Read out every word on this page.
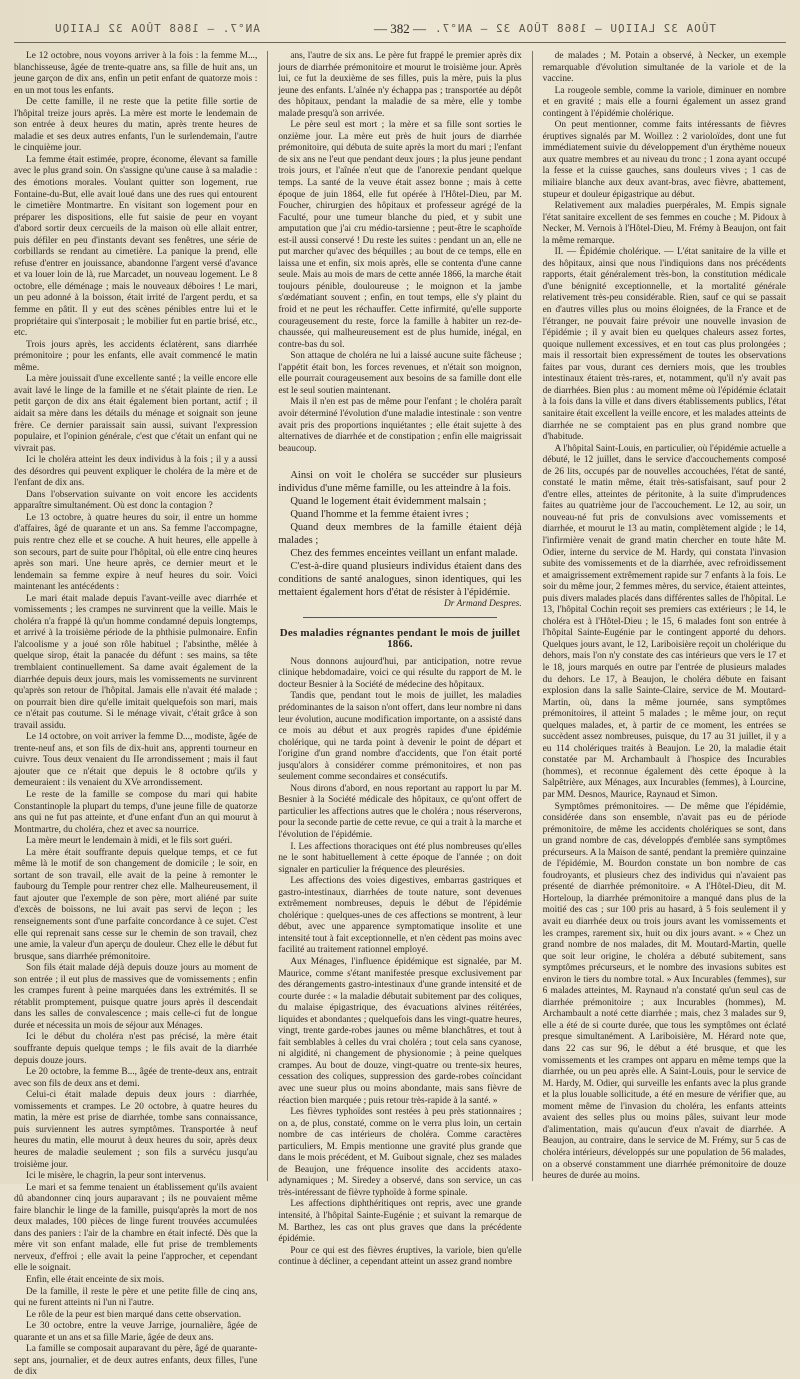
AN°7. — 1868 TÛOA 32 LAIIQU	— 382 — TÛOA 32 LAIIQU — 1868 TÛOA 32 — AN°7.

Le 12 octobre, nous voyons arriver à la fois : la femme M..., blanchisseuse, âgée de trente-quatre ans, sa fille de huit ans, un jeune garçon de dix ans, enfin un petit enfant de quatorze mois : en un mot tous les enfants.

De cette famille, il ne reste que la petite fille sortie de l'hôpital treize jours après. La mère est morte le lendemain de son entrée à deux heures du matin, après trente heures de maladie et ses deux autres enfants, l'un le surlendemain, l'autre le cinquième jour.

La femme était estimée, propre, économe, élevant sa famille avec le plus grand soin. On s'assigne qu'une cause à sa maladie : des émotions morales. Voulant quitter son logement, rue Fontaine-du-But, elle avait loué dans une des rues qui entourent le cimetière Montmartre. En visitant son logement pour en préparer les dispositions, elle fut saisie de peur en voyant d'abord sortir deux cercueils de la maison où elle allait entrer, puis défiler en peu d'instants devant ses fenêtres, une série de corbillards se rendant au cimetière. La panique la prend, elle refuse d'entrer en jouissance, abandonne l'argent versé d'avance et va louer loin de là, rue Marcadet, un nouveau logement. Le 8 octobre, elle déménage ; mais le nouveaux déboires ! Le mari, un peu adonné à la boisson, était irrité de l'argent perdu, et sa femme en pâtit. Il y eut des scènes pénibles entre lui et le propriétaire qui s'interposait ; le mobilier fut en partie brisé, etc., etc.

Trois jours après, les accidents éclatèrent, sans diarrhée prémonitoire ; pour les enfants, elle avait commencé le matin même.

La mère jouissait d'une excellente santé ; la veille encore elle avait lavé le linge de la famille et ne s'était plainte de rien. Le petit garçon de dix ans était également bien portant, actif ; il aidait sa mère dans les détails du ménage et soignait son jeune frère. Ce dernier paraissait sain aussi, suivant l'expression populaire, et l'opinion générale, c'est que c'était un enfant qui ne vivrait pas.

Ici le choléra atteint les deux individus à la fois ; il y a aussi des désordres qui peuvent expliquer le choléra de la mère et de l'enfant de dix ans.

Dans l'observation suivante on voit encore les accidents apparaître simultanément. Où est donc la contagion ?

Le 13 octobre, à quatre heures du soir, il entre un homme d'affaires, âgé de quarante et un ans. Sa femme l'accompagne, puis rentre chez elle et se couche. A huit heures, elle appelle à son secours, part de suite pour l'hôpital, où elle entre cinq heures après son mari. Une heure après, ce dernier meurt et le lendemain sa femme expire à neuf heures du soir. Voici maintenant les antécédents :

Le mari était malade depuis l'avant-veille avec diarrhée et vomissements ; les crampes ne survinrent que la veille. Mais le choléra n'a frappé là qu'un homme condamné depuis longtemps, et arrivé à la troisième période de la phthisie pulmonaire. Enfin l'alcoolisme y a joué son rôle habituel ; l'absinthe, mêlée à quelque sirop, était la panacée du défunt : ses mains, sa tête tremblaient continuellement. Sa dame avait également de la diarrhée depuis deux jours, mais les vomissements ne survinrent qu'après son retour de l'hôpital. Jamais elle n'avait été malade ; on pourrait bien dire qu'elle imitait quelquefois son mari, mais ce n'était pas coutume. Si le ménage vivait, c'était grâce à son travail assidu.

Le 14 octobre, on voit arriver la femme D..., modiste, âgée de trente-neuf ans, et son fils de dix-huit ans, apprenti tourneur en cuivre. Tous deux venaient du IIe arrondissement ; mais il faut ajouter que ce n'était que depuis le 8 octobre qu'ils y demeuraient : ils venaient du XVe arrondissement.

Le reste de la famille se compose du mari qui habite Constantinople la plupart du temps, d'une jeune fille de quatorze ans qui ne fut pas atteinte, et d'une enfant d'un an qui mourut à Montmartre, du choléra, chez et avec sa nourrice.

La mère meurt le lendemain à midi, et le fils sort guéri.

La mère était souffrante depuis quelque temps, et ce fut même là le motif de son changement de domicile ; le soir, en sortant de son travail, elle avait de la peine à remonter le faubourg du Temple pour rentrer chez elle. Malheureusement, il faut ajouter que l'exemple de son père, mort aliéné par suite d'excès de boissons, ne lui avait pas servi de leçon ; les renseignements sont d'une parfaite concordance à ce sujet. C'est elle qui reprenait sans cesse sur le chemin de son travail, chez une amie, la valeur d'un aperçu de douleur. Chez elle le début fut brusque, sans diarrhée prémonitoire.

Son fils était malade déjà depuis douze jours au moment de son entrée ; il eut plus de massives que de vomissements ; enfin les crampes furent à peine marquées dans les extrémités. Il se rétablit promptement, puisque quatre jours après il descendait dans les salles de convalescence ; mais celle-ci fut de longue durée et nécessita un mois de séjour aux Ménages.

Ici le début du choléra n'est pas précisé, la mère était souffrante depuis quelque temps ; le fils avait de la diarrhée depuis douze jours.

Le 20 octobre, la femme B..., âgée de trente-deux ans, entrait avec son fils de deux ans et demi.

Celui-ci était malade depuis deux jours : diarrhée, vomissements et crampes. Le 20 octobre, à quatre heures du matin, la mère est prise de diarrhée, tombe sans connaissance, puis surviennent les autres symptômes. Transportée à neuf heures du matin, elle mourut à deux heures du soir, après deux heures de maladie seulement ; son fils a survécu jusqu'au troisième jour.

Ici le misère, le chagrin, la peur sont intervenus.

Le mari et sa femme tenaient un établissement qu'ils avaient dû abandonner cinq jours auparavant ; ils ne pouvaient même faire blanchir le linge de la famille, puisqu'après la mort de nos deux malades, 100 pièces de linge furent trouvées accumulées dans des paniers : l'air de la chambre en était infecté. Dès que la mère vit son enfant malade, elle fut prise de tremblements nerveux, d'effroi ; elle avait la peine l'approcher, et cependant elle le soignait.

Enfin, elle était enceinte de six mois.

De la famille, il reste le père et une petite fille de cinq ans, qui ne furent atteints ni l'un ni l'autre.

Le rôle de la peur est bien marqué dans cette observation.

Le 30 octobre, entre la veuve Jarrige, journalière, âgée de quarante et un ans et sa fille Marie, âgée de deux ans.

La famille se composait auparavant du père, âgé de quarante-sept ans, journalier, et de deux autres enfants, deux filles, l'une de dix

ans, l'autre de six ans. Le père fut frappé le premier après dix jours de diarrhée prémonitoire et mourut le troisième jour. Après lui, ce fut la deuxième de ses filles, puis la mère, puis la plus jeune des enfants. L'aînée n'y échappa pas ; transportée au dépôt des hôpitaux, pendant la maladie de sa mère, elle y tombe malade presqu'à son arrivée.

Le père seul est mort ; la mère et sa fille sont sorties le onzième jour. La mère eut près de huit jours de diarrhée prémonitoire, qui débuta de suite après la mort du mari ; l'enfant de six ans ne l'eut que pendant deux jours ; la plus jeune pendant trois jours, et l'aînée n'eut que de l'anorexie pendant quelque temps. La santé de la veuve était assez bonne ; mais à cette époque de juin 1864, elle fut opérée à l'Hôtel-Dieu, par M. Foucher, chirurgien des hôpitaux et professeur agrégé de la Faculté, pour une tumeur blanche du pied, et y subit une amputation que j'ai cru médio-tarsienne ; peut-être le scaphoïde est-il aussi conservé ! Du reste les suites : pendant un an, elle ne put marcher qu'avec des béquilles ; au bout de ce temps, elle en laissa une et enfin, six mois après, elle se contenta d'une canne seule. Mais au mois de mars de cette année 1866, la marche était toujours pénible, douloureuse ; le moignon et la jambe s'œdématiant souvent ; enfin, en tout temps, elle s'y plaint du froid et ne peut les réchauffer. Cette infirmité, qu'elle supporte courageusement du reste, force la famille à habiter un rez-de-chaussée, qui malheureusement est de plus humide, inégal, en contre-bas du sol.

Son attaque de choléra ne lui a laissé aucune suite fâcheuse ; l'appétit était bon, les forces revenues, et n'était son moignon, elle pourrait courageusement aux besoins de sa famille dont elle est le seul soutien maintenant.

Mais il n'en est pas de même pour l'enfant ; le choléra paraît avoir déterminé l'évolution d'une maladie intestinale : son ventre avait pris des proportions inquiétantes ; elle était sujette à des alternatives de diarrhée et de constipation ; enfin elle maigrissait beaucoup.

Ainsi on voit le choléra se succéder sur plusieurs individus d'une même famille, ou les atteindre à la fois.

Quand le logement était évidemment malsain ;

Quand l'homme et la femme étaient ivres ;

Quand deux membres de la famille étaient déjà malades ;

Chez des femmes enceintes veillant un enfant malade.

C'est-à-dire quand plusieurs individus étaient dans des conditions de santé analogues, sinon identiques, qui les mettaient également hors d'état de résister à l'épidémie.

Dr Armand Despres.
Des maladies régnantes pendant le mois de juillet 1866.

Nous donnons aujourd'hui, par anticipation, notre revue clinique hebdomadaire, voici ce qui résulte du rapport de M. le docteur Besnier à la Société de médecine des hôpitaux.

Tandis que, pendant tout le mois de juillet, les maladies prédominantes de la saison n'ont offert, dans leur nombre ni dans leur évolution, aucune modification importante, on a assisté dans ce mois au début et aux progrès rapides d'une épidémie cholérique, qui ne tarda point à devenir le point de départ et l'origine d'un grand nombre d'accidents, que l'on était porté jusqu'alors à considérer comme prémonitoires, et non pas seulement comme secondaires et consécutifs.

Nous dirons d'abord, en nous reportant au rapport lu par M. Besnier à la Société médicale des hôpitaux, ce qu'ont offert de particulier les affections autres que le choléra ; nous réserverons, pour la seconde partie de cette revue, ce qui a trait à la marche et l'évolution de l'épidémie.

I. Les affections thoraciques ont été plus nombreuses qu'elles ne le sont habituellement à cette époque de l'année ; on doit signaler en particulier la fréquence des pleurésies.

Les affections des voies digestives, embarras gastriques et gastro-intestinaux, diarrhées de toute nature, sont devenues extrêmement nombreuses, depuis le début de l'épidémie cholérique : quelques-unes de ces affections se montrent, à leur début, avec une apparence symptomatique insolite et une intensité tout à fait exceptionnelle, et n'en cèdent pas moins avec facilité au traitement rationnel employé.

Aux Ménages, l'influence épidémique est signalée, par M. Maurice, comme s'étant manifestée presque exclusivement par des dérangements gastro-intestinaux d'une grande intensité et de courte durée : « la maladie débutait subitement par des coliques, du malaise épigastrique, des évacuations alvines réitérées, liquides et abondantes ; quelquefois dans les vingt-quatre heures, vingt, trente garde-robes jaunes ou même blanchâtres, et tout à fait semblables à celles du vrai choléra ; tout cela sans cyanose, ni algidité, ni changement de physionomie ; à peine quelques crampes. Au bout de douze, vingt-quatre ou trente-six heures, cessation des coliques, suppression des garde-robes coïncidant avec une sueur plus ou moins abondante, mais sans fièvre de réaction bien marquée ; puis retour très-rapide à la santé. »

Les fièvres typhoïdes sont restées à peu près stationnaires ; on a, de plus, constaté, comme on le verra plus loin, un certain nombre de cas intérieurs de choléra. Comme caractères particuliers, M. Empis mentionne une gravité plus grande que dans le mois précédent, et M. Guibout signale, chez ses malades de Beaujon, une fréquence insolite des accidents ataxo-adynamiques ; M. Siredey a observé, dans son service, un cas très-intéressant de fièvre typhoïde à forme spinale.

Les affections diphthéritiques ont repris, avec une grande intensité, à l'hôpital Sainte-Eugénie ; et suivant la remarque de M. Barthez, les cas ont plus graves que dans la précédente épidémie.

Pour ce qui est des fièvres éruptives, la variole, bien qu'elle continue à décliner, a cependant atteint un assez grand nombre

de malades ; M. Potain a observé, à Necker, un exemple remarquable d'évolution simultanée de la variole et de la vaccine.

La rougeole semble, comme la variole, diminuer en nombre et en gravité ; mais elle a fourni également un assez grand contingent à l'épidémie cholérique.

On peut mentionner, comme faits intéressants de fièvres éruptives signalés par M. Woillez : 2 varioloïdes, dont une fut immédiatement suivie du développement d'un érythème noueux aux quatre membres et au niveau du tronc ; 1 zona ayant occupé la fesse et la cuisse gauches, sans douleurs vives ; 1 cas de miliaire blanche aux deux avant-bras, avec fièvre, abattement, stupeur et douleur épigastrique au début.

Relativement aux maladies puerpérales, M. Empis signale l'état sanitaire excellent de ses femmes en couche ; M. Pidoux à Necker, M. Vernois à l'Hôtel-Dieu, M. Frémy à Beaujon, ont fait la même remarque.

II. — Épidémie cholérique. — L'état sanitaire de la ville et des hôpitaux, ainsi que nous l'indiquions dans nos précédents rapports, était généralement très-bon, la constitution médicale d'une bénignité exceptionnelle, et la mortalité générale relativement très-peu considérable. Rien, sauf ce qui se passait en d'autres villes plus ou moins éloignées, de la France et de l'étranger, ne pouvait faire prévoir une nouvelle invasion de l'épidémie ; il y avait bien eu quelques chaleurs assez fortes, quoique nullement excessives, et en tout cas plus prolongées ; mais il ressortait bien expressément de toutes les observations faites par vous, durant ces derniers mois, que les troubles intestinaux étaient très-rares, et, notamment, qu'il n'y avait pas de diarrhées. Bien plus : au moment même où l'épidémie éclatait à la fois dans la ville et dans divers établissements publics, l'état sanitaire était excellent la veille encore, et les malades atteints de diarrhée ne se comptaient pas en plus grand nombre que d'habitude.

A l'hôpital Saint-Louis, en particulier, où l'épidémie actuelle a débuté, le 12 juillet, dans le service d'accouchements composé de 26 lits, occupés par de nouvelles accouchées, l'état de santé, constaté le matin même, était très-satisfaisant, sauf pour 2 d'entre elles, atteintes de péritonite, à la suite d'imprudences faites au quatrième jour de l'accouchement. Le 12, au soir, un nouveau-né fut pris de convulsions avec vomissements et diarrhée, et mourut le 13 au matin, complètement algide ; le 14, l'infirmière venait de grand matin chercher en toute hâte M. Odier, interne du service de M. Hardy, qui constata l'invasion subite des vomissements et de la diarrhée, avec refroidissement et amaigrissement extrêmement rapide sur 7 enfants à la fois. Le soir du même jour, 2 femmes mères, du service, étaient atteintes, puis divers malades placés dans différentes salles de l'hôpital. Le 13, l'hôpital Cochin reçoit ses premiers cas extérieurs ; le 14, le choléra est à l'Hôtel-Dieu ; le 15, 6 malades font son entrée à l'hôpital Sainte-Eugénie par le contingent apporté du dehors. Quelques jours avant, le 12, Lariboisière reçoit un cholérique du dehors, mais l'on n'y constate des cas intérieurs que vers le 17 et le 18, jours marqués en outre par l'entrée de plusieurs malades du dehors. Le 17, à Beaujon, le choléra débute en faisant explosion dans la salle Sainte-Claire, service de M. Moutard-Martin, où, dans la même journée, sans symptômes prémonitoires, il atteint 5 malades ; le même jour, on reçut quelques malades, et, à partir de ce moment, les entrées se succèdent assez nombreuses, puisque, du 17 au 31 juillet, il y a eu 114 cholériques traités à Beaujon. Le 20, la maladie était constatée par M. Archambault à l'hospice des Incurables (hommes), et reconnue également dès cette époque à la Salpêtrière, aux Ménages, aux Incurables (femmes), à Lourcine, par MM. Desnos, Maurice, Raynaud et Simon.

Symptômes prémonitoires. — De même que l'épidémie, considérée dans son ensemble, n'avait pas eu de période prémonitoire, de même les accidents cholériques se sont, dans un grand nombre de cas, développés d'emblée sans symptômes précurseurs. A la Maison de santé, pendant la première quinzaine de l'épidémie, M. Bourdon constate un bon nombre de cas foudroyants, et plusieurs chez des individus qui n'avaient pas présenté de diarrhée prémonitoire. « A l'Hôtel-Dieu, dit M. Horteloup, la diarrhée prémonitoire a manqué dans plus de la moitié des cas ; sur 100 pris au hasard, à 5 fois seulement il y avait eu diarrhée deux ou trois jours avant les vomissements et les crampes, rarement six, huit ou dix jours avant. » « Chez un grand nombre de nos malades, dit M. Moutard-Martin, quelle que soit leur origine, le choléra a débuté subitement, sans symptômes précurseurs, et le nombre des invasions subites est environ le tiers du nombre total. » Aux Incurables (femmes), sur 6 malades atteintes, M. Raynaud n'a constaté qu'un seul cas de diarrhée prémonitoire ; aux Incurables (hommes), M. Archambault a noté cette diarrhée ; mais, chez 3 malades sur 9, elle a été de si courte durée, que tous les symptômes ont éclaté presque simultanément. A Lariboisière, M. Hérard note que, dans 22 cas sur 96, le début a été brusque, et que les vomissements et les crampes ont apparu en même temps que la diarrhée, ou un peu après elle. A Saint-Louis, pour le service de M. Hardy, M. Odier, qui surveille les enfants avec la plus grande et la plus louable sollicitude, a été en mesure de vérifier que, au moment même de l'invasion du choléra, les enfants atteints avaient des selles plus ou moins pâles, suivant leur mode d'alimentation, mais qu'aucun d'eux n'avait de diarrhée. A Beaujon, au contraire, dans le service de M. Frémy, sur 5 cas de choléra intérieurs, développés sur une population de 56 malades, on a observé constamment une diarrhée prémonitoire de douze heures de durée au moins.
